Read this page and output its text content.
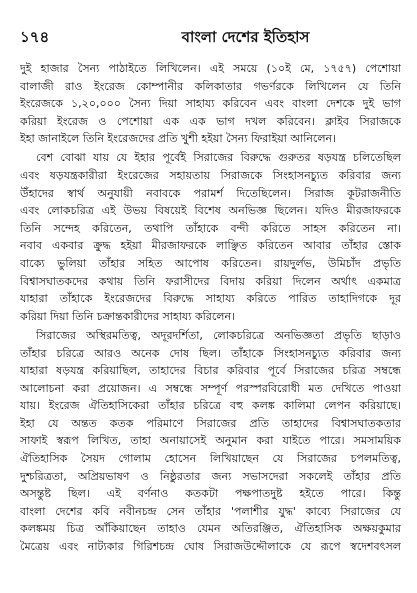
১৭৪	বাংলা দেশের ইতিহাস
দুই হাজার সৈন্য পাঠাইতে লিখিলেন। এই সময়ে (১০ই মে, ১৭৫৭) পেশোয়া
বালাজী রাও ইংরেজ কোম্পানীর কলিকাতার গভর্ণরকে লিখিলেন যে তিনি
ইংরেজকে ১,২০,০০০ সৈন্য দিয়া সাহায্য করিবেন এবং বাংলা দেশকে দুই ভাগ
করিয়া ইংরেজ ও পেশোয়া এক এক ভাগ দখল করিবেন। ক্লাইব সিরাজকে
ইহা জানাইলে তিনি ইংরেজদের প্রতি খুশী হইয়া সৈন্য ফিরাইয়া আনিলেন।
বেশ বোঝা যায় যে ইহার পূর্বেই সিরাজের বিরুদ্ধে গুরুতর ষড়যন্ত্র চলিতেছিল
এবং ষড়যন্ত্রকারীরা ইংরেজের সহায়তায় সিরাজকে সিংহাসনচ্যুত করিবার জন্য
উঁহাদের স্বার্থ অনুযায়ী নবাবকে পরামর্শ দিতেছিলেন। সিরাজ কূটরাজনীতি
এবং লোকচরিত্র এই উভয় বিষয়েই বিশেষ অনভিজ্ঞ ছিলেন। যদিও মীরজাফরকে
তিনি সন্দেহ করিতেন, তথাপি তাঁহাকে বন্দী করিতে সাহস করিতেন না।
নবাব একবার ক্রুদ্ধ হইয়া মীরজাফরকে লাঞ্ছিত করিতেন আবার তাঁহার স্তোক
বাক্যে ভুলিয়া তাঁহার সহিত আপোষ করিতেন। রায়দুর্লভ, উমিচাঁদ প্রভৃতি
বিশ্বাসঘাতকদের কথায় তিনি ফরাসীদের বিদায় করিয়া দিলেন অর্থাৎ একমাত্র
যাহারা তাঁহাকে ইংরেজদের বিরুদ্ধে সাহায্য করিতে পারিত তাহাদিগকে দূর
করিয়া দিয়া তিনি চক্রান্তকারীদের সাহায্য করিলেন।
সিরাজের অস্থিরমতিত্ব, অদূরদর্শিতা, লোকচরিত্রে অনভিজ্ঞতা প্রভৃতি ছাড়াও
তাঁহার চরিত্রে আরও অনেক দোষ ছিল। তাঁহাকে সিংহাসনচ্যুত করিবার জন্য
যাহারা ষড়যন্ত্র করিয়াছিল, তাহাদের বিচার করিবার পূর্বে সিরাজের চরিত্র সম্বন্ধে
আলোচনা করা প্রয়োজন। এ সম্বন্ধে সম্পূর্ণ পরস্পরবিরোধী মত দেখিতে পাওয়া
যায়। ইংরেজ ঐতিহাসিকেরা তাঁহার চরিত্রে বহু কলঙ্ক কালিমা লেপন করিয়াছে।
ইহা যে অন্তত কতক পরিমাণে সিরাজের প্রতি তাহাদের বিশ্বাসঘাতকতার
সাফাই স্বরূপ লিখিত, তাহা অনায়াসেই অনুমান করা যাইতে পারে। সমসাময়িক
ঐতিহাসিক সৈয়দ গোলাম হোসেন লিখিয়াছেন যে সিরাজের চপলমতিত্ব,
দুশ্চরিত্রতা, অপ্রিয়ভাষণ ও নিষ্ঠুরতার জন্য সভাসদেরা সকলেই তাঁহার প্রতি
অসন্তুষ্ট ছিল। এই বর্ণনাও কতকটা পক্ষপাতদুষ্ট হইতে পারে। কিন্তু
বাংলা দেশের কবি নবীনচন্দ্র সেন তাঁহার 'পলাশীর যুদ্ধ' কাব্যে সিরাজের যে
কলঙ্কময় চিত্র আঁকিয়াছেন তাহাও যেমন অতিরঞ্জিত, ঐতিহাসিক অক্ষয়কুমার
মৈত্রেয় এবং নাট্যকার গিরিশচন্দ্র ঘোষ সিরাজউদ্দৌলাকে যে রূপে স্বদেশবৎসল
